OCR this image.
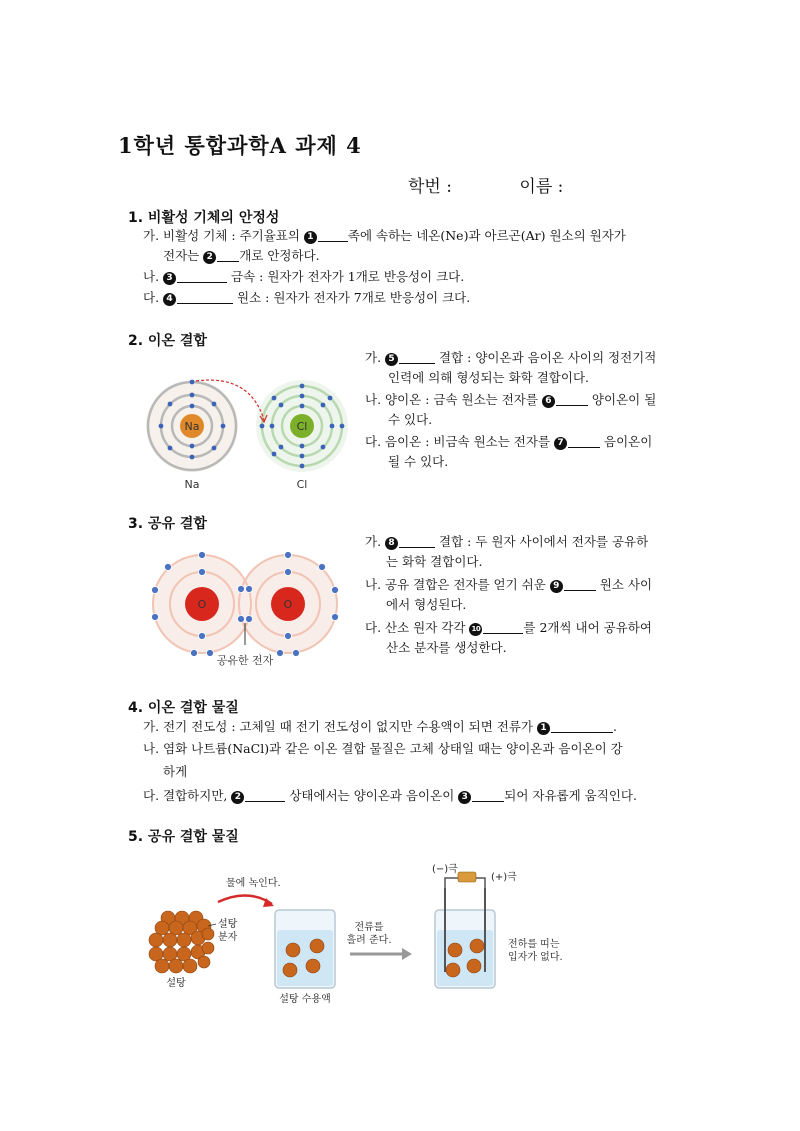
1학년 통합과학A 과제 4
학번 :	이름 :
1. 비활성 기체의 안정성
가. 비활성 기체 : 주기율표의 1	족에 속하는 네온(Ne)과 아르곤(Ar) 원소의 원자가
전자는 2 개로 안정하다.
나. 3	금속 : 원자가 전자가 1개로 반응성이 크다.
다. 4	원소 : 원자가 전자가 7개로 반응성이 크다.
2. 이온 결합
Na	Cl
Na	Cl
가. 5	결합 : 양이온과 음이온 사이의 정전기적
인력에 의해 형성되는 화학 결합이다.
나. 양이온 : 금속 원소는 전자를 6	양이온이 될
수 있다.
다. 음이온 : 비금속 원소는 전자를 7	음이온이
될 수 있다.
3. 공유 결합
O	O
공유한 전자
가. 8	결합 : 두 원자 사이에서 전자를 공유하
는 화학 결합이다.
나. 공유 결합은 전자를 얻기 쉬운 9	원소 사이
에서 형성된다.
다. 산소 원자 각각 10	를 2개씩 내어 공유하여
산소 분자를 생성한다.
4. 이온 결합 물질
가. 전기 전도성 : 고체일 때 전기 전도성이 없지만 수용액이 되면 전류가 1	.
나. 염화 나트륨(NaCl)과 같은 이온 결합 물질은 고체 상태일 때는 양이온과 음이온이 강
하게
다. 결합하지만, 2	상태에서는 양이온과 음이온이 3	되어 자유롭게 움직인다.
5. 공유 결합 물질
설탕
분자
설탕
물에 녹인다.
설탕 수용액
전류를
흘려 준다.
(−)극
(+)극
전하를 띠는
입자가 없다.
